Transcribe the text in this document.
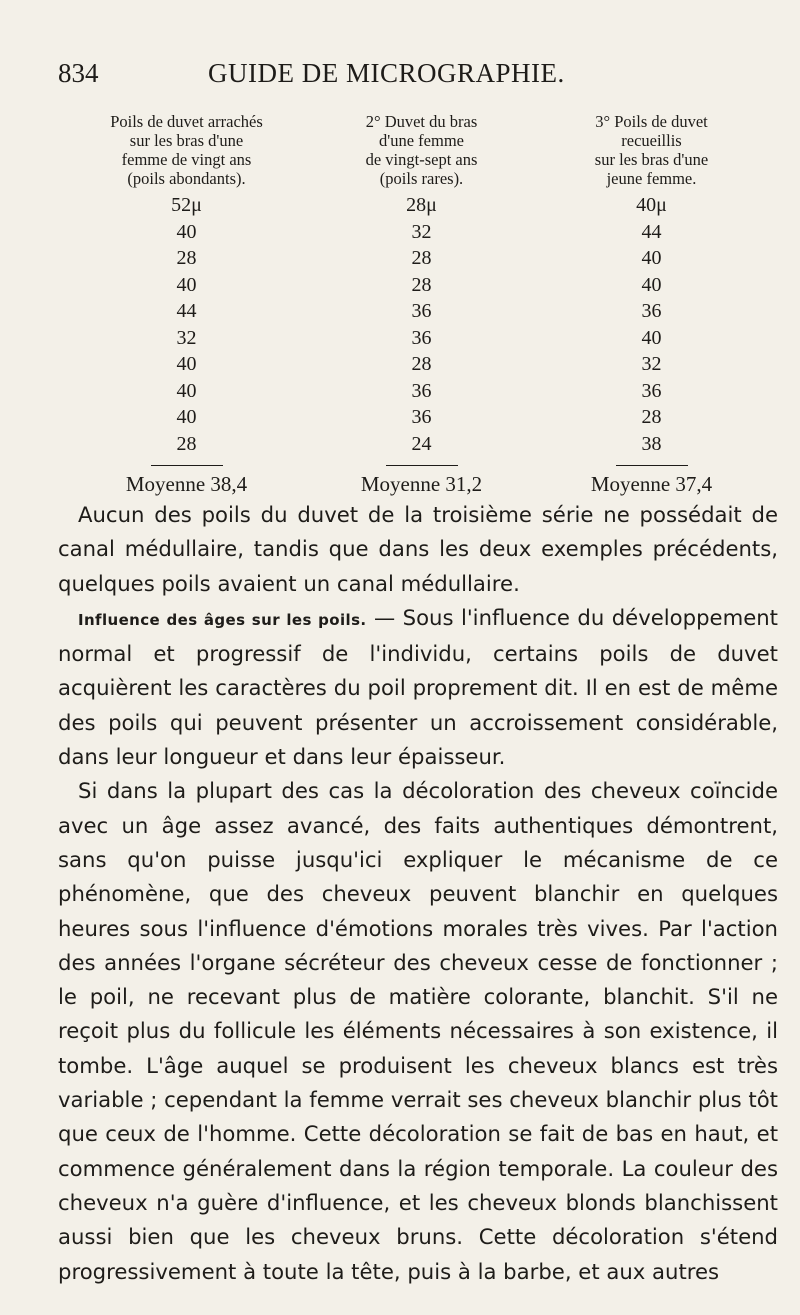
834	GUIDE DE MICROGRAPHIE.
Poils de duvet arrachés
sur les bras d'une
femme de vingt ans
(poils abondants).
52μ
40
28
40
44
32
40
40
40
28
Moyenne 38,4
2° Duvet du bras
d'une femme
de vingt-sept ans
(poils rares).
28μ
32
28
28
36
36
28
36
36
24
Moyenne 31,2
3° Poils de duvet
recueillis
sur les bras d'une
jeune femme.
40μ
44
40
40
36
40
32
36
28
38
Moyenne 37,4

Aucun des poils du duvet de la troisième série ne possédait de canal médullaire, tandis que dans les deux exemples précédents, quelques poils avaient un canal médullaire.

Influence des âges sur les poils. — Sous l'influence du développement normal et progressif de l'individu, certains poils de duvet acquièrent les caractères du poil proprement dit. Il en est de même des poils qui peuvent présenter un accroissement considérable, dans leur longueur et dans leur épaisseur.

Si dans la plupart des cas la décoloration des cheveux coïncide avec un âge assez avancé, des faits authentiques démontrent, sans qu'on puisse jusqu'ici expliquer le mécanisme de ce phénomène, que des cheveux peuvent blanchir en quelques heures sous l'influence d'émotions morales très vives. Par l'action des années l'organe sécréteur des cheveux cesse de fonctionner ; le poil, ne recevant plus de matière colorante, blanchit. S'il ne reçoit plus du follicule les éléments nécessaires à son existence, il tombe. L'âge auquel se produisent les cheveux blancs est très variable ; cependant la femme verrait ses cheveux blanchir plus tôt que ceux de l'homme. Cette décoloration se fait de bas en haut, et commence généralement dans la région temporale. La couleur des cheveux n'a guère d'influence, et les cheveux blonds blanchissent aussi bien que les cheveux bruns. Cette décoloration s'étend progressivement à toute la tête, puis à la barbe, et aux autres
